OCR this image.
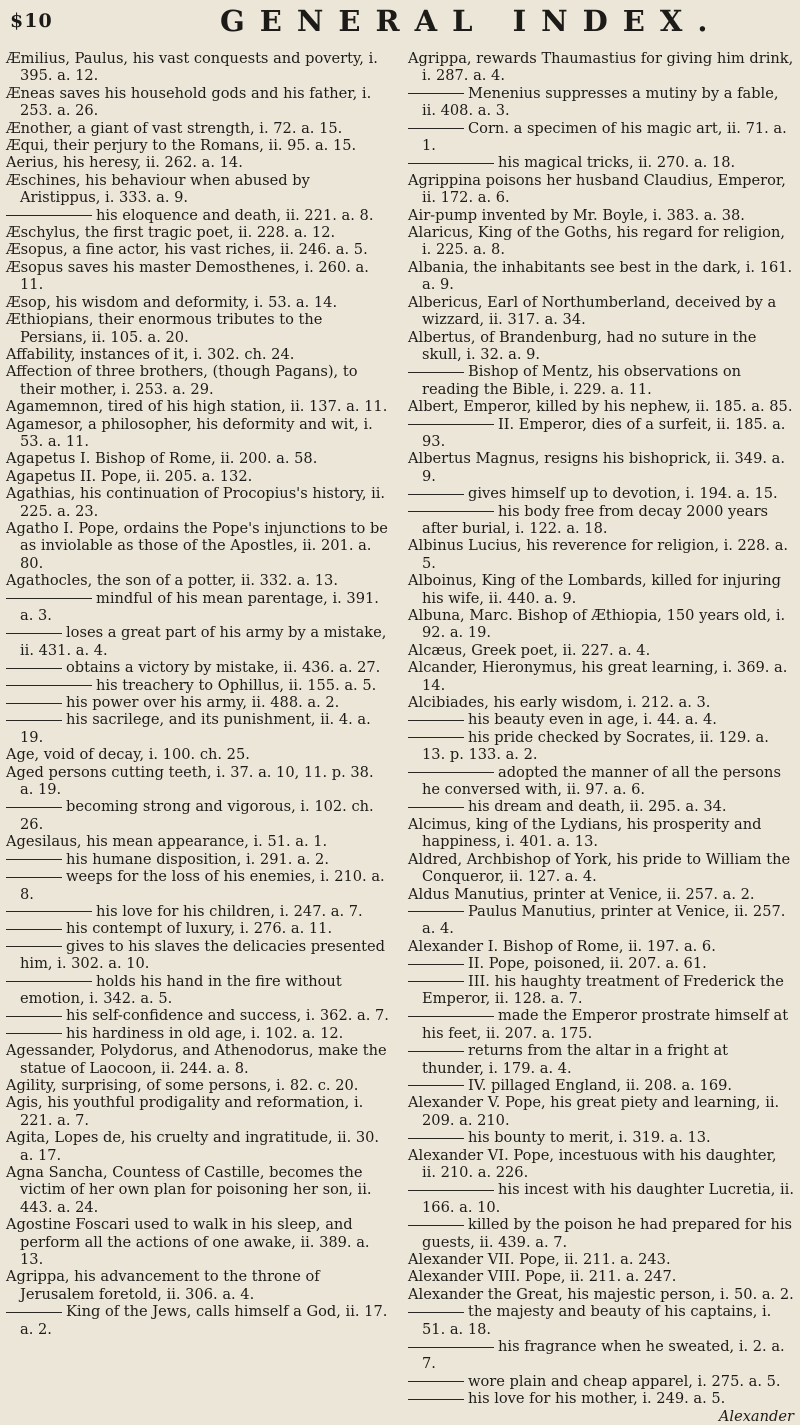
$10	GENERAL INDEX.

Æmilius, Paulus, his vast conquests and poverty, i. 395. a. 12.

Æneas saves his household gods and his father, i. 253. a. 26.

Ænother, a giant of vast strength, i. 72. a. 15.

Æqui, their perjury to the Romans, ii. 95. a. 15.

Aerius, his heresy, ii. 262. a. 14.

Æschines, his behaviour when abused by Aristippus, i. 333. a. 9.

his eloquence and death, ii. 221. a. 8.

Æschylus, the first tragic poet, ii. 228. a. 12.

Æsopus, a fine actor, his vast riches, ii. 246. a. 5.

Æsopus saves his master Demosthenes, i. 260. a. 11.

Æsop, his wisdom and deformity, i. 53. a. 14.

Æthiopians, their enormous tributes to the Persians, ii. 105. a. 20.

Affability, instances of it, i. 302. ch. 24.

Affection of three brothers, (though Pagans), to their mother, i. 253. a. 29.

Agamemnon, tired of his high station, ii. 137. a. 11.

Agamesor, a philosopher, his deformity and wit, i. 53. a. 11.

Agapetus I. Bishop of Rome, ii. 200. a. 58.

Agapetus II. Pope, ii. 205. a. 132.

Agathias, his continuation of Procopius's history, ii. 225. a. 23.

Agatho I. Pope, ordains the Pope's injunctions to be as inviolable as those of the Apostles, ii. 201. a. 80.

Agathocles, the son of a potter, ii. 332. a. 13.

mindful of his mean parentage, i. 391. a. 3.

loses a great part of his army by a mistake, ii. 431. a. 4.

obtains a victory by mistake, ii. 436. a. 27.

his treachery to Ophillus, ii. 155. a. 5.

his power over his army, ii. 488. a. 2.

his sacrilege, and its punishment, ii. 4. a. 19.

Age, void of decay, i. 100. ch. 25.

Aged persons cutting teeth, i. 37. a. 10, 11. p. 38. a. 19.

becoming strong and vigorous, i. 102. ch. 26.

Agesilaus, his mean appearance, i. 51. a. 1.

his humane disposition, i. 291. a. 2.

weeps for the loss of his enemies, i. 210. a. 8.

his love for his children, i. 247. a. 7.

his contempt of luxury, i. 276. a. 11.

gives to his slaves the delicacies presented him, i. 302. a. 10.

holds his hand in the fire without emotion, i. 342. a. 5.

his self-confidence and success, i. 362. a. 7.

his hardiness in old age, i. 102. a. 12.

Agessander, Polydorus, and Athenodorus, make the statue of Laocoon, ii. 244. a. 8.

Agility, surprising, of some persons, i. 82. c. 20.

Agis, his youthful prodigality and reformation, i. 221. a. 7.

Agita, Lopes de, his cruelty and ingratitude, ii. 30. a. 17.

Agna Sancha, Countess of Castille, becomes the victim of her own plan for poisoning her son, ii. 443. a. 24.

Agostine Foscari used to walk in his sleep, and perform all the actions of one awake, ii. 389. a. 13.

Agrippa, his advancement to the throne of Jerusalem foretold, ii. 306. a. 4.

King of the Jews, calls himself a God, ii. 17. a. 2.

Agrippa, rewards Thaumastius for giving him drink, i. 287. a. 4.

Menenius suppresses a mutiny by a fable, ii. 408. a. 3.

Corn. a specimen of his magic art, ii. 71. a. 1.

his magical tricks, ii. 270. a. 18.

Agrippina poisons her husband Claudius, Emperor, ii. 172. a. 6.

Air-pump invented by Mr. Boyle, i. 383. a. 38.

Alaricus, King of the Goths, his regard for religion, i. 225. a. 8.

Albania, the inhabitants see best in the dark, i. 161. a. 9.

Albericus, Earl of Northumberland, deceived by a wizzard, ii. 317. a. 34.

Albertus, of Brandenburg, had no suture in the skull, i. 32. a. 9.

Bishop of Mentz, his observations on reading the Bible, i. 229. a. 11.

Albert, Emperor, killed by his nephew, ii. 185. a. 85.

II. Emperor, dies of a surfeit, ii. 185. a. 93.

Albertus Magnus, resigns his bishoprick, ii. 349. a. 9.

gives himself up to devotion, i. 194. a. 15.

his body free from decay 2000 years after burial, i. 122. a. 18.

Albinus Lucius, his reverence for religion, i. 228. a. 5.

Alboinus, King of the Lombards, killed for injuring his wife, ii. 440. a. 9.

Albuna, Marc. Bishop of Æthiopia, 150 years old, i. 92. a. 19.

Alcæus, Greek poet, ii. 227. a. 4.

Alcander, Hieronymus, his great learning, i. 369. a. 14.

Alcibiades, his early wisdom, i. 212. a. 3.

his beauty even in age, i. 44. a. 4.

his pride checked by Socrates, ii. 129. a. 13. p. 133. a. 2.

adopted the manner of all the persons he conversed with, ii. 97. a. 6.

his dream and death, ii. 295. a. 34.

Alcimus, king of the Lydians, his prosperity and happiness, i. 401. a. 13.

Aldred, Archbishop of York, his pride to William the Conqueror, ii. 127. a. 4.

Aldus Manutius, printer at Venice, ii. 257. a. 2.

Paulus Manutius, printer at Venice, ii. 257. a. 4.

Alexander I. Bishop of Rome, ii. 197. a. 6.

II. Pope, poisoned, ii. 207. a. 61.

III. his haughty treatment of Frederick the Emperor, ii. 128. a. 7.

made the Emperor prostrate himself at his feet, ii. 207. a. 175.

returns from the altar in a fright at thunder, i. 179. a. 4.

IV. pillaged England, ii. 208. a. 169.

Alexander V. Pope, his great piety and learning, ii. 209. a. 210.

his bounty to merit, i. 319. a. 13.

Alexander VI. Pope, incestuous with his daughter, ii. 210. a. 226.

his incest with his daughter Lucretia, ii. 166. a. 10.

killed by the poison he had prepared for his guests, ii. 439. a. 7.

Alexander VII. Pope, ii. 211. a. 243.

Alexander VIII. Pope, ii. 211. a. 247.

Alexander the Great, his majestic person, i. 50. a. 2.

the majesty and beauty of his captains, i. 51. a. 18.

his fragrance when he sweated, i. 2. a. 7.

wore plain and cheap apparel, i. 275. a. 5.

his love for his mother, i. 249. a. 5.

Alexander
